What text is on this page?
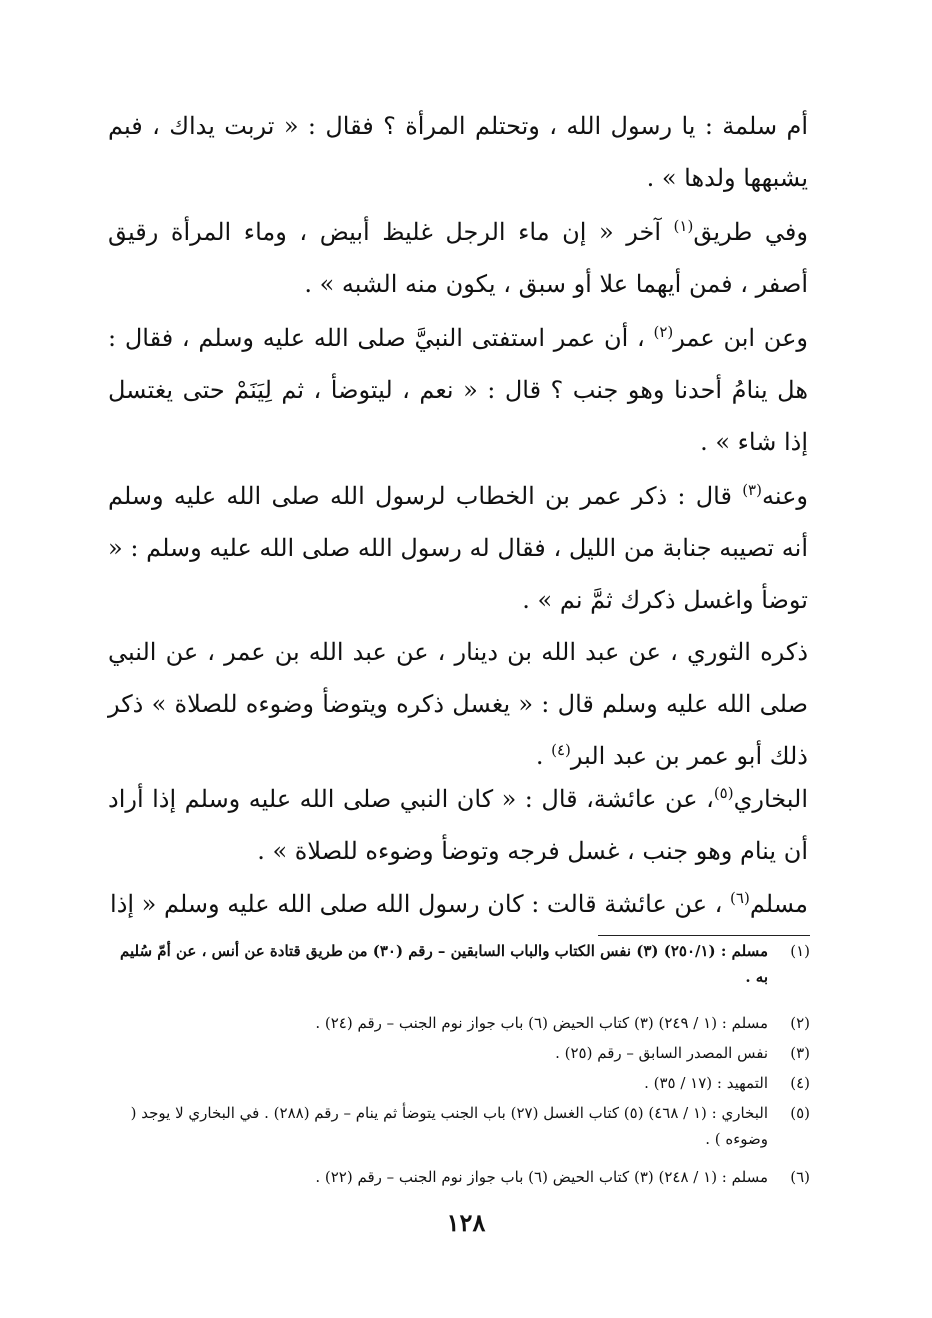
أم سلمة : يا رسول الله ، وتحتلم المرأة ؟ فقال : « تربت يداك ، فبم يشبهها ولدها » .

وفي طريق$^{(١)}$ آخر « إن ماء الرجل غليظ أبيض ، وماء المرأة رقيق أصفر ، فمن أيهما علا أو سبق ، يكون منه الشبه » .

وعن ابن عمر$^{(٢)}$ ، أن عمر استفتى النبيَّ صلى الله عليه وسلم ، فقال : هل ينامُ أحدنا وهو جنب ؟ قال : « نعم ، ليتوضأ ، ثم لِيَنَمْ حتى يغتسل إذا شاء » .

وعنه$^{(٣)}$ قال : ذكر عمر بن الخطاب لرسول الله صلى الله عليه وسلم أنه تصيبه جنابة من الليل ، فقال له رسول الله صلى الله عليه وسلم : « توضأ واغسل ذكرك ثمَّ نم » .

ذكره الثوري ، عن عبد الله بن دينار ، عن عبد الله بن عمر ، عن النبي صلى الله عليه وسلم قال : « يغسل ذكره ويتوضأ وضوءه للصلاة » ذكر ذلك أبو عمر بن عبد البر$^{(٤)}$ .

البخاري$^{(٥)}$، عن عائشة، قال : « كان النبي صلى الله عليه وسلم إذا أراد أن ينام وهو جنب ، غسل فرجه وتوضأ وضوءه للصلاة » .

مسلم$^{(٦)}$ ، عن عائشة قالت : كان رسول الله صلى الله عليه وسلم « إذا

(١)
مسلم : (٢٥٠/١) (٣) نفس الكتاب والباب السابقين – رقم (٣٠) من طريق قتادة عن أنس ، عن أمّ سُليم به .
(٢)
مسلم : (١ / ٢٤٩) (٣) كتاب الحيض (٦) باب جواز نوم الجنب – رقم (٢٤) .
(٣)
نفس المصدر السابق – رقم (٢٥) .
(٤)
التمهيد : (١٧ / ٣٥) .
(٥)
البخاري : (١ / ٤٦٨) (٥) كتاب الغسل (٢٧) باب الجنب يتوضأ ثم ينام – رقم (٢٨٨) . في البخاري لا يوجد ( وضوءه ) .
(٦)
مسلم : (١ / ٢٤٨) (٣) كتاب الحيض (٦) باب جواز نوم الجنب – رقم (٢٢) .
١٢٨
